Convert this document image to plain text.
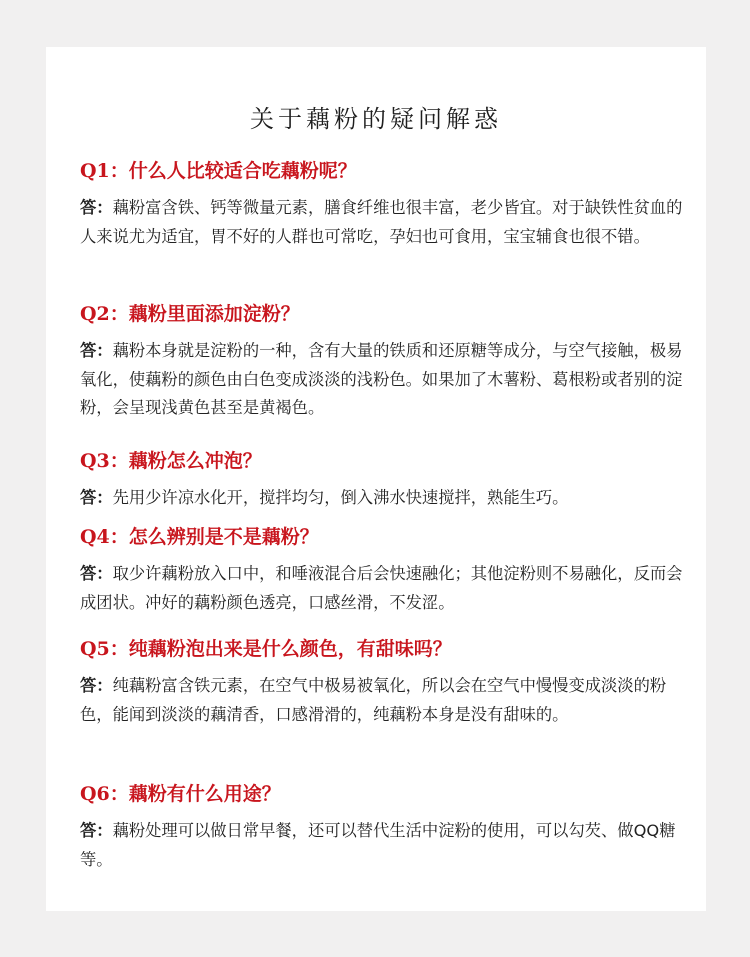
关于藕粉的疑问解惑

Q1：什么人比较适合吃藕粉呢？

答：藕粉富含铁、钙等微量元素，膳食纤维也很丰富，老少皆宜。对于缺铁性贫血的人来说尤为适宜，胃不好的人群也可常吃，孕妇也可食用，宝宝辅食也很不错。

Q2：藕粉里面添加淀粉？

答：藕粉本身就是淀粉的一种，含有大量的铁质和还原糖等成分，与空气接触，极易氧化，使藕粉的颜色由白色变成淡淡的浅粉色。如果加了木薯粉、葛根粉或者别的淀粉，会呈现浅黄色甚至是黄褐色。

Q3：藕粉怎么冲泡？

答：先用少许凉水化开，搅拌均匀，倒入沸水快速搅拌，熟能生巧。

Q4：怎么辨别是不是藕粉？

答：取少许藕粉放入口中，和唾液混合后会快速融化；其他淀粉则不易融化，反而会成团状。冲好的藕粉颜色透亮，口感丝滑，不发涩。

Q5：纯藕粉泡出来是什么颜色，有甜味吗？

答：纯藕粉富含铁元素，在空气中极易被氧化，所以会在空气中慢慢变成淡淡的粉色，能闻到淡淡的藕清香，口感滑滑的，纯藕粉本身是没有甜味的。

Q6：藕粉有什么用途？

答：藕粉处理可以做日常早餐，还可以替代生活中淀粉的使用，可以勾芡、做QQ糖等。
